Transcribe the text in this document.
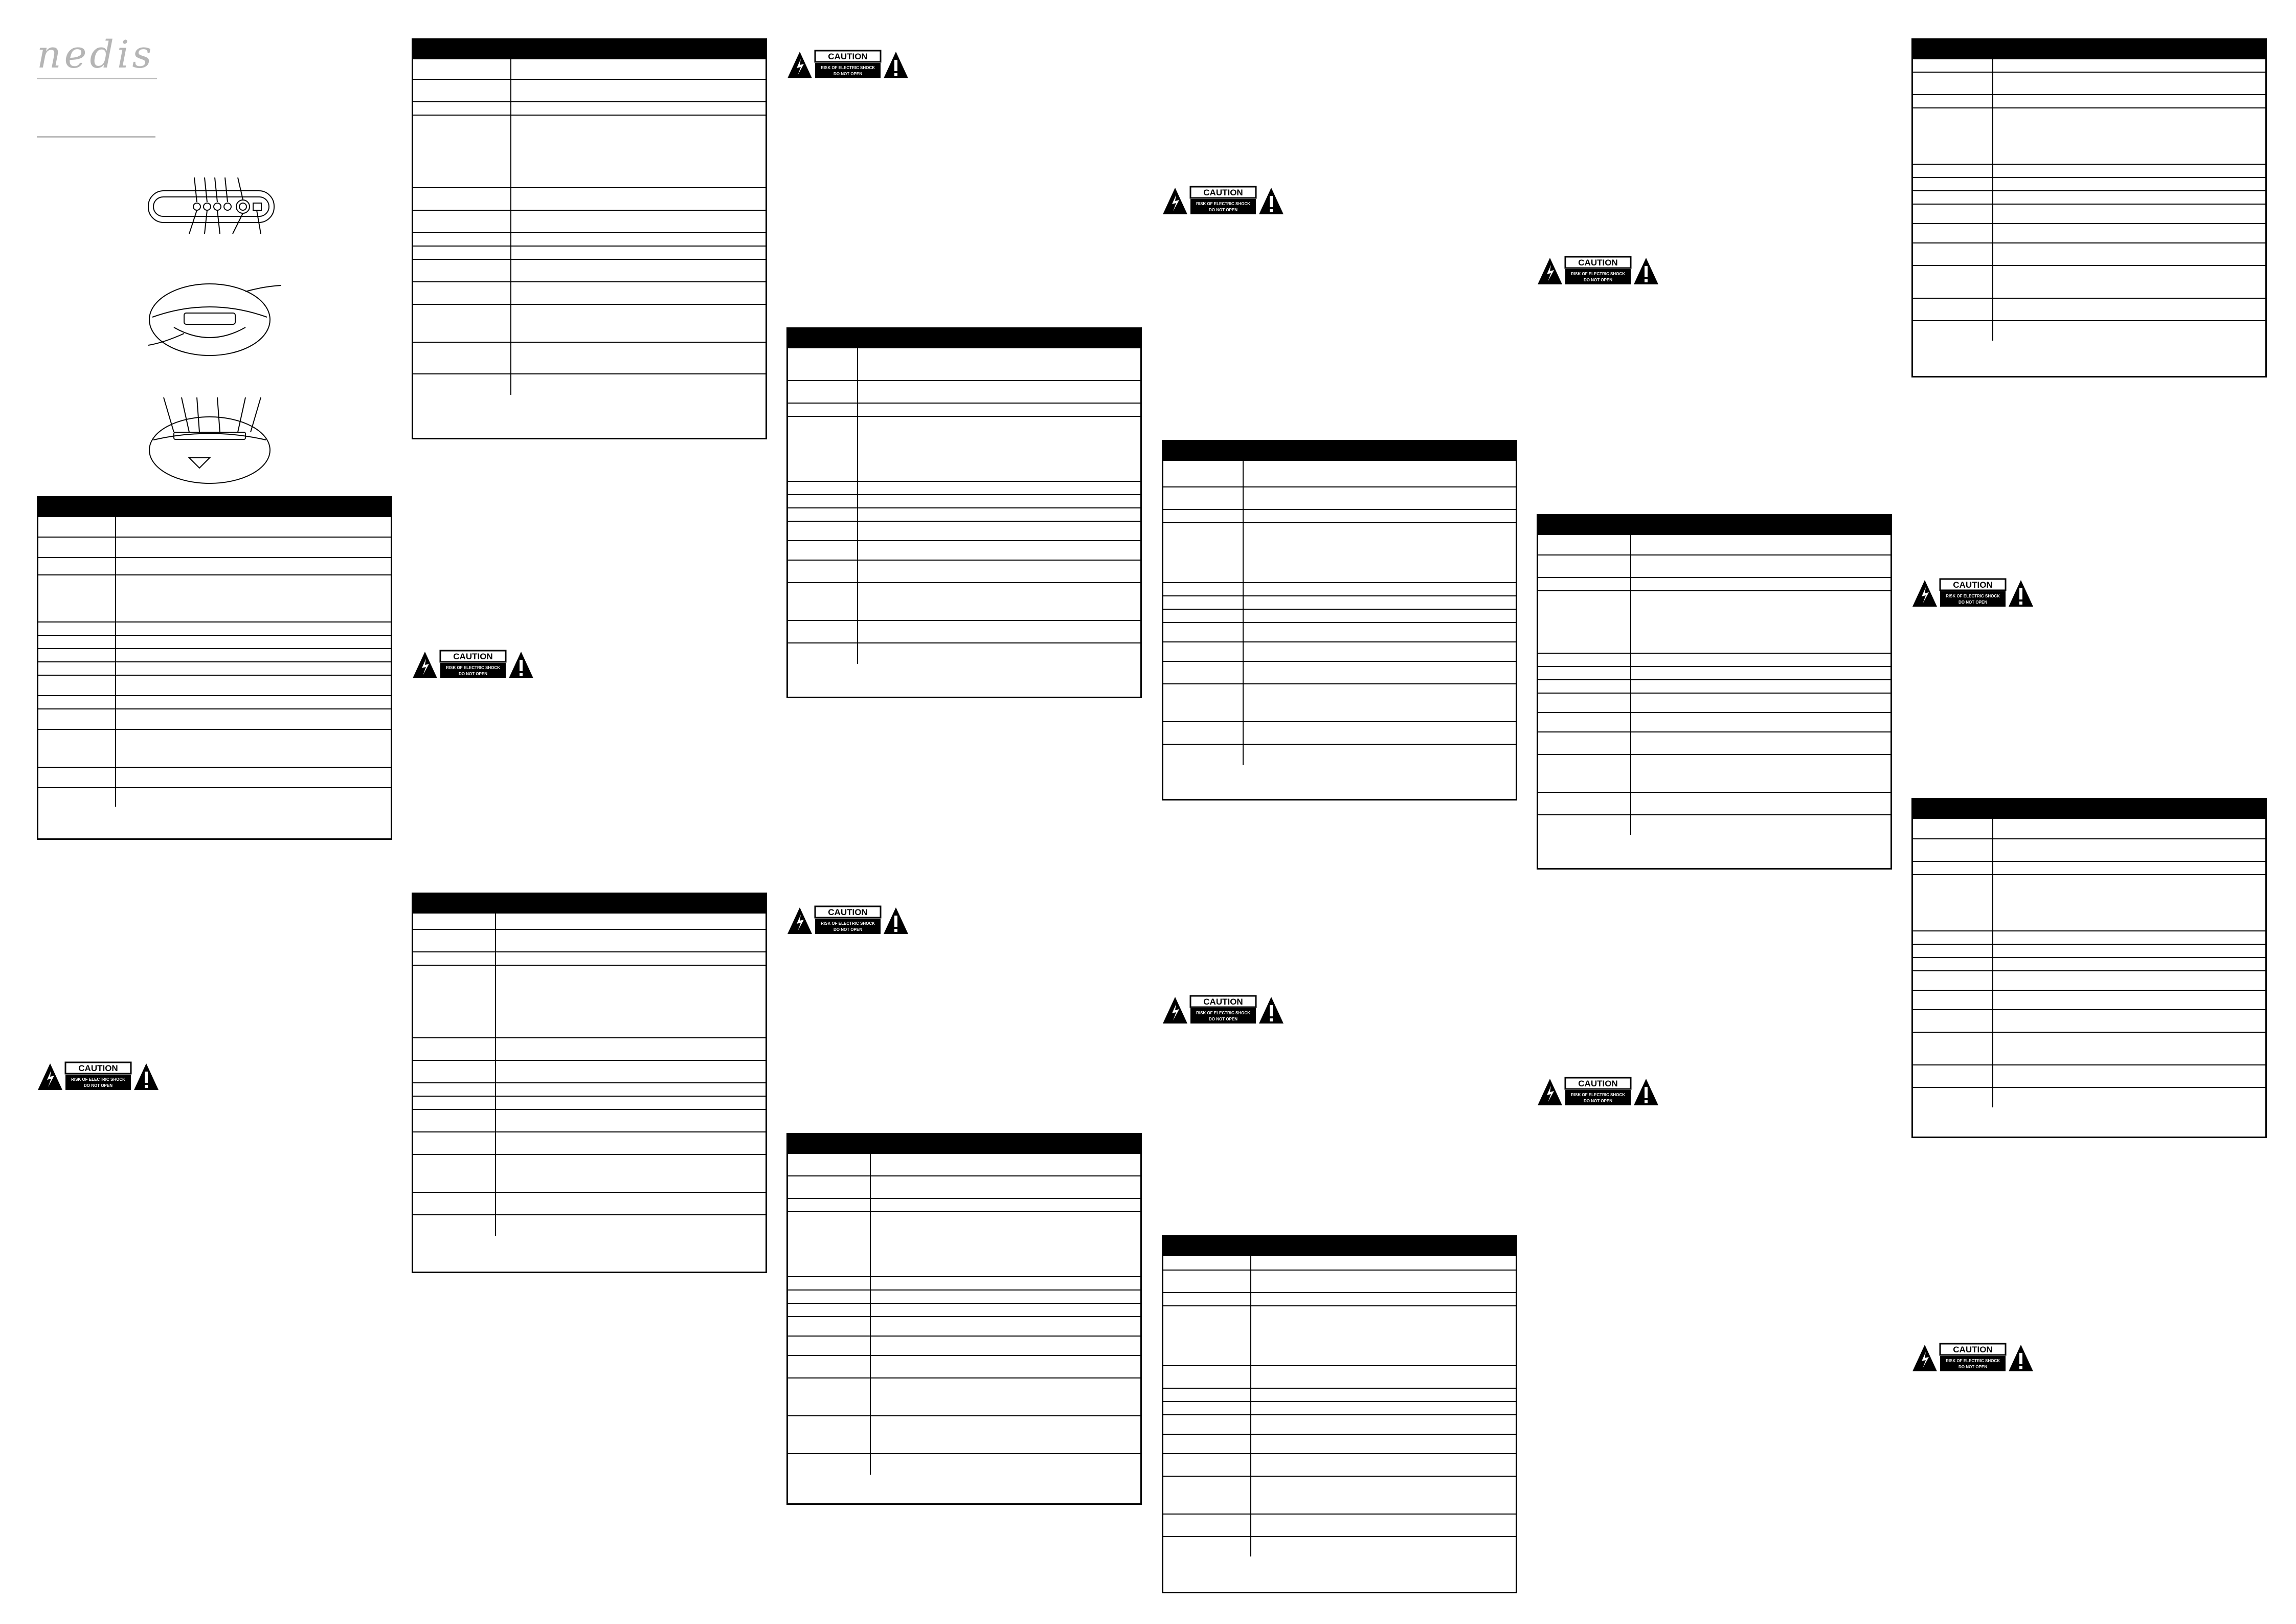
nedis

CAUTION
RISK OF ELECTRIC SHOCK
DO NOT OPEN
CAUTION
RISK OF ELECTRIC SHOCK
DO NOT OPEN
CAUTION
RISK OF ELECTRIC SHOCK
DO NOT OPEN
CAUTION
RISK OF ELECTRIC SHOCK
DO NOT OPEN
CAUTION
RISK OF ELECTRIC SHOCK
DO NOT OPEN
CAUTION
RISK OF ELECTRIC SHOCK
DO NOT OPEN
CAUTION
RISK OF ELECTRIC SHOCK
DO NOT OPEN
CAUTION
RISK OF ELECTRIC SHOCK
DO NOT OPEN
CAUTION
RISK OF ELECTRIC SHOCK
DO NOT OPEN
CAUTION
RISK OF ELECTRIC SHOCK
DO NOT OPEN
